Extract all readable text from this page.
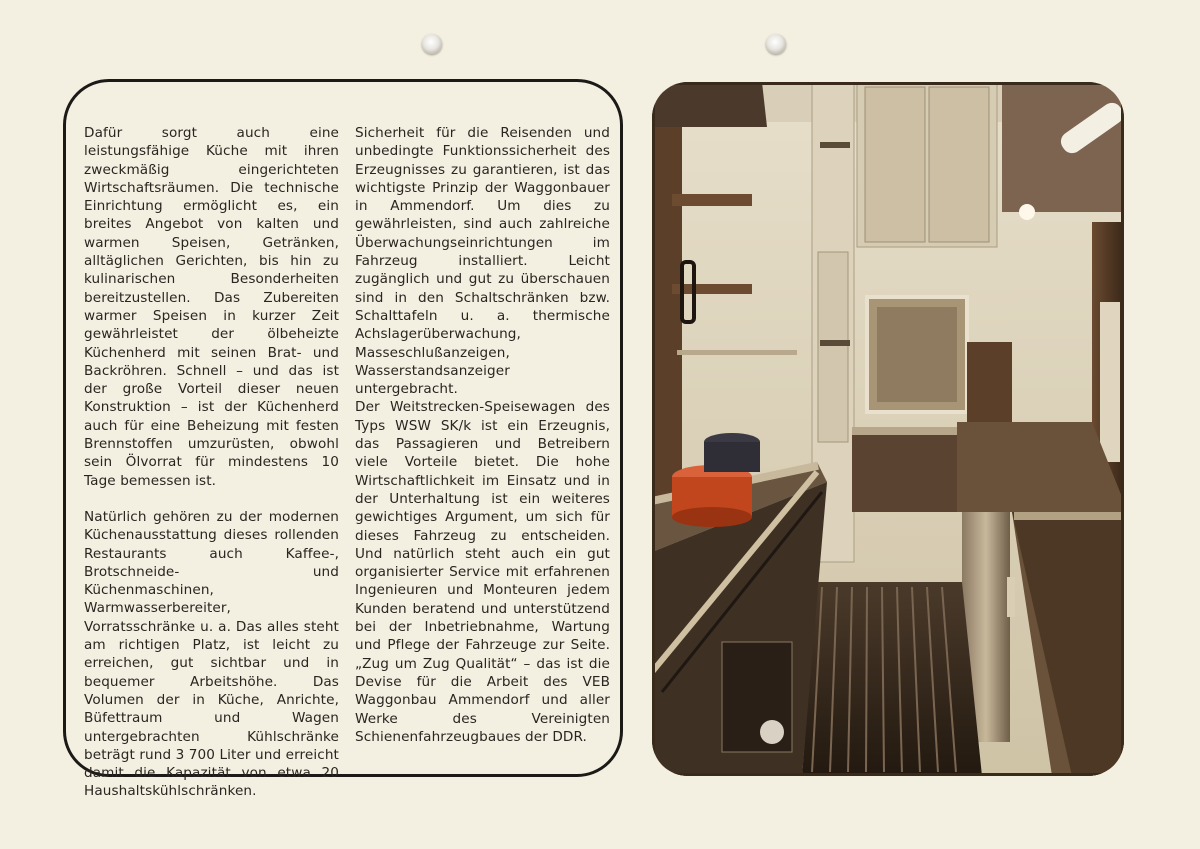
Dafür sorgt auch eine leistungsfähige Küche mit ihren zweckmäßig eingerichteten Wirtschaftsräumen. Die technische Einrichtung ermöglicht es, ein breites Angebot von kalten und warmen Speisen, Getränken, alltäglichen Gerichten, bis hin zu kulinarischen Besonderheiten bereitzustellen. Das Zubereiten warmer Speisen in kurzer Zeit gewährleistet der ölbeheizte Küchenherd mit seinen Brat- und Backröhren. Schnell – und das ist der große Vorteil dieser neuen Konstruktion – ist der Küchenherd auch für eine Beheizung mit festen Brennstoffen umzurüsten, obwohl sein Ölvorrat für mindestens 10 Tage bemessen ist.

Natürlich gehören zu der modernen Küchenausstattung dieses rollenden Restaurants auch Kaffee-, Brotschneide- und Küchenmaschinen, Warmwasserbereiter, Vorratsschränke u. a. Das alles steht am richtigen Platz, ist leicht zu erreichen, gut sichtbar und in bequemer Arbeitshöhe. Das Volumen der in Küche, Anrichte, Büfettraum und Wagen untergebrachten Kühlschränke beträgt rund 3 700 Liter und erreicht damit die Kapazität von etwa 20 Haushaltskühlschränken.

Sicherheit für die Reisenden und unbedingte Funktionssicherheit des Erzeugnisses zu garantieren, ist das wichtigste Prinzip der Waggonbauer in Ammendorf. Um dies zu gewährleisten, sind auch zahlreiche Überwachungseinrichtungen im Fahrzeug installiert. Leicht zugänglich und gut zu überschauen sind in den Schaltschränken bzw. Schalttafeln u. a. thermische Achslagerüberwachung, Masseschlußanzeigen, Wasserstandsanzeiger untergebracht.

Der Weitstrecken-Speisewagen des Typs WSW SK/k ist ein Erzeugnis, das Passagieren und Betreibern viele Vorteile bietet. Die hohe Wirtschaftlichkeit im Einsatz und in der Unterhaltung ist ein weiteres gewichtiges Argument, um sich für dieses Fahrzeug zu entscheiden. Und natürlich steht auch ein gut organisierter Service mit erfahrenen Ingenieuren und Monteuren jedem Kunden beratend und unterstützend bei der Inbetriebnahme, Wartung und Pflege der Fahrzeuge zur Seite. „Zug um Zug Qualität“ – das ist die Devise für die Arbeit des VEB Waggonbau Ammendorf und aller Werke des Vereinigten Schienenfahrzeugbaues der DDR.
